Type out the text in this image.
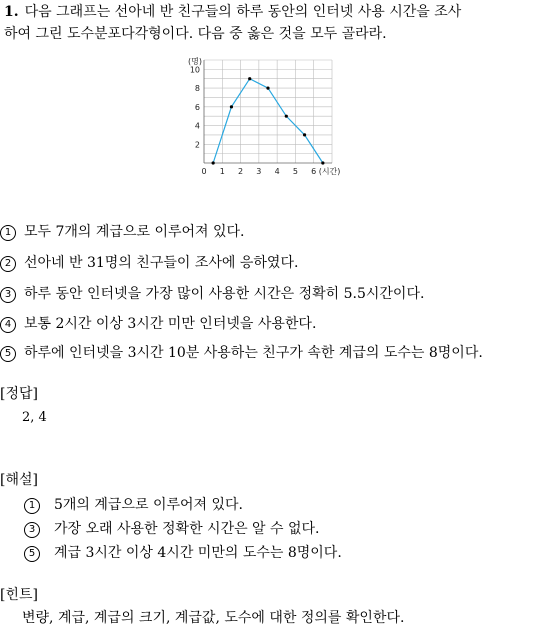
1. 다음 그래프는 선아네 반 친구들의 하루 동안의 인터넷 사용 시간을 조사
하여 그린 도수분포다각형이다. 다음 중 옳은 것을 모두 골라라.
2
4
6
8
10
0 1 2 3 4 5 6
(명)
(시간)
1 모두 7개의 계급으로 이루어져 있다.
2 선아네 반 31명의 친구들이 조사에 응하였다.
3 하루 동안 인터넷을 가장 많이 사용한 시간은 정확히 5.5시간이다.
4 보통 2시간 이상 3시간 미만 인터넷을 사용한다.
5 하루에 인터넷을 3시간 10분 사용하는 친구가 속한 계급의 도수는 8명이다.
[정답]
2, 4
[해설]
1 5개의 계급으로 이루어져 있다.
3 가장 오래 사용한 정확한 시간은 알 수 없다.
5 계급 3시간 이상 4시간 미만의 도수는 8명이다.
[힌트]
변량, 계급, 계급의 크기, 계급값, 도수에 대한 정의를 확인한다.
